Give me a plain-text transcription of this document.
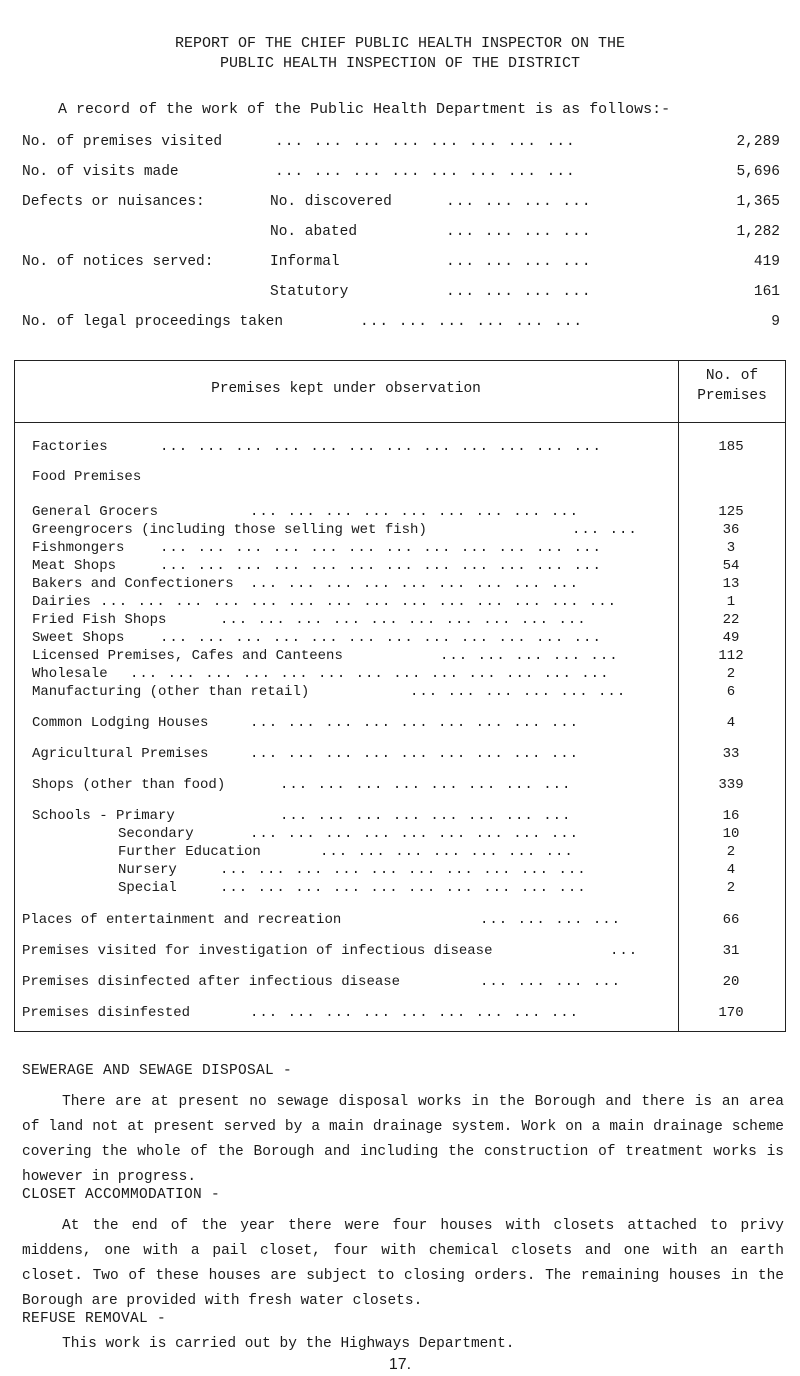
REPORT OF THE CHIEF PUBLIC HEALTH INSPECTOR ON THE
PUBLIC HEALTH INSPECTION OF THE DISTRICT
A record of the work of the Public Health Department is as follows:-
No. of premises visited	... ... ... ... ... ... ... ...	2,289
No. of visits made	... ... ... ... ... ... ... ...	5,696
Defects or nuisances:	No. discovered	... ... ... ...	1,365
No. abated	... ... ... ...	1,282
No. of notices served:	Informal	... ... ... ...	419
Statutory	... ... ... ...	161
No. of legal proceedings taken	... ... ... ... ... ...	9
Premises kept under observation
No. of
Premises
Factories	... ... ... ... ... ... ... ... ... ... ... ...	185
Food Premises
General Grocers	... ... ... ... ... ... ... ... ...	125
Greengrocers (including those selling wet fish)	... ...	36
Fishmongers	... ... ... ... ... ... ... ... ... ... ... ...	3
Meat Shops	... ... ... ... ... ... ... ... ... ... ... ...	54
Bakers and Confectioners ... ... ... ... ... ... ... ... ...	13
Dairies ... ... ... ... ... ... ... ... ... ... ... ... ... ...	1
Fried Fish Shops	... ... ... ... ... ... ... ... ... ...	22
Sweet Shops	... ... ... ... ... ... ... ... ... ... ... ...	49
Licensed Premises, Cafes and Canteens	... ... ... ... ...	112
Wholesale ... ... ... ... ... ... ... ... ... ... ... ... ...	2
Manufacturing (other than retail)	... ... ... ... ... ...	6
Common Lodging Houses	... ... ... ... ... ... ... ... ...	4
Agricultural Premises	... ... ... ... ... ... ... ... ...	33
Shops (other than food)	... ... ... ... ... ... ... ...	339
Schools - Primary	... ... ... ... ... ... ... ...	16
Secondary	... ... ... ... ... ... ... ... ...	10
Further Education	... ... ... ... ... ... ...	2
Nursery	... ... ... ... ... ... ... ... ... ...	4
Special	... ... ... ... ... ... ... ... ... ...	2
Places of entertainment and recreation	... ... ... ...	66
Premises visited for investigation of infectious disease	...	31
Premises disinfected after infectious disease	... ... ... ...	20
Premises disinfested	... ... ... ... ... ... ... ... ...	170
SEWERAGE AND SEWAGE DISPOSAL -
There are at present no sewage disposal works in the Borough and there is an area of land not at present served by a main drainage system. Work on a main drainage scheme covering the whole of the Borough and including the construction of treatment works is however in progress.
CLOSET ACCOMMODATION -
At the end of the year there were four houses with closets attached to privy middens, one with a pail closet, four with chemical closets and one with an earth closet. Two of these houses are subject to closing orders. The remaining houses in the Borough are provided with fresh water closets.
REFUSE REMOVAL -
This work is carried out by the Highways Department.
17.
